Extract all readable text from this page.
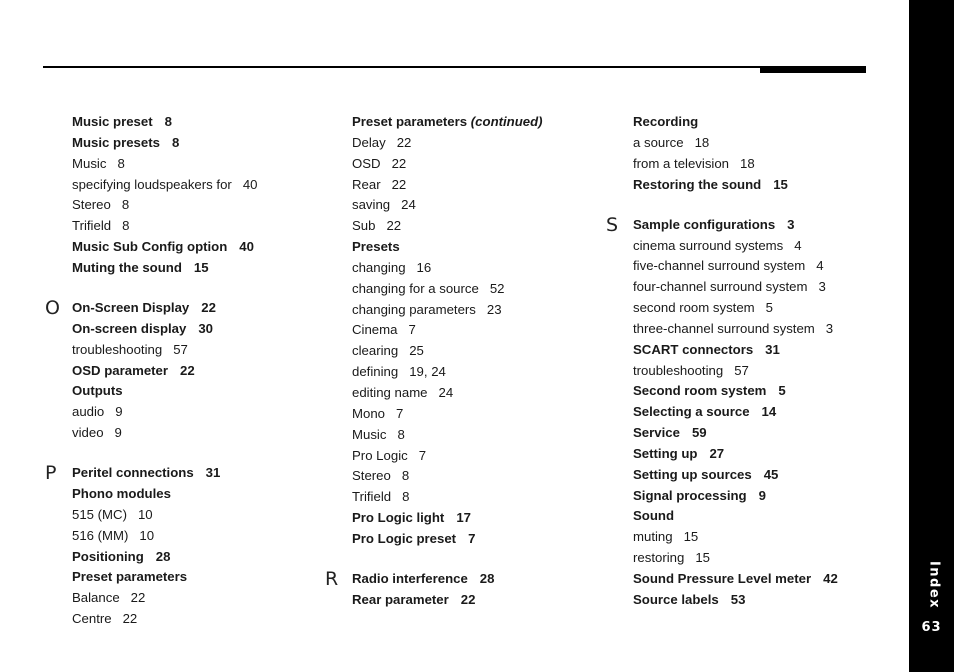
Music preset 8
Music presets 8
Music 8
specifying loudspeakers for 40
Stereo 8
Trifield 8
Music Sub Config option 40
Muting the sound 15
O On-Screen Display 22
On-screen display 30
troubleshooting 57
OSD parameter 22
Outputs
audio 9
video 9
P Peritel connections 31
Phono modules
515 (MC) 10
516 (MM) 10
Positioning 28
Preset parameters
Balance 22
Centre 22
Preset parameters (continued)
Delay 22
OSD 22
Rear 22
saving 24
Sub 22
Presets
changing 16
changing for a source 52
changing parameters 23
Cinema 7
clearing 25
defining 19, 24
editing name 24
Mono 7
Music 8
Pro Logic 7
Stereo 8
Trifield 8
Pro Logic light 17
Pro Logic preset 7
R Radio interference 28
Rear parameter 22
Recording
a source 18
from a television 18
Restoring the sound 15
S Sample configurations 3
cinema surround systems 4
five-channel surround system 4
four-channel surround system 3
second room system 5
three-channel surround system 3
SCART connectors 31
troubleshooting 57
Second room system 5
Selecting a source 14
Service 59
Setting up 27
Setting up sources 45
Signal processing 9
Sound
muting 15
restoring 15
Sound Pressure Level meter 42
Source labels 53	Index
63
